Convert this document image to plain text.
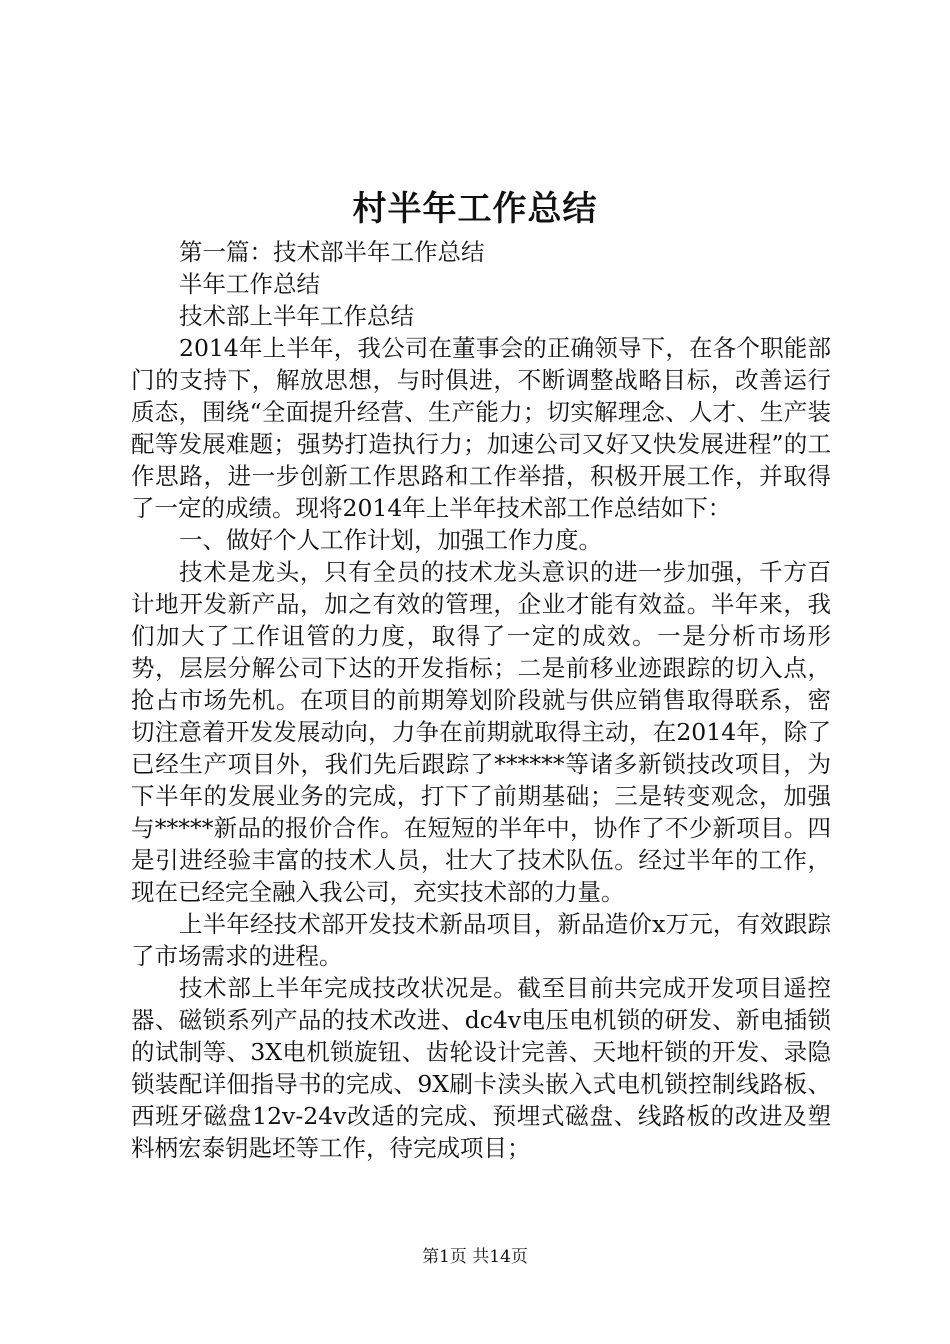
村半年工作总结

第一篇：技术部半年工作总结

半年工作总结

技术部上半年工作总结

2014年上半年，我公司在董事会的正确领导下，在各个职能部门的支持下，解放思想，与时俱进，不断调整战略目标，改善运行质态，围绕“全面提升经营、生产能力；切实解理念、人才、生产装配等发展难题；强势打造执行力；加速公司又好又快发展进程”的工作思路，进一步创新工作思路和工作举措，积极开展工作，并取得了一定的成绩。现将2014年上半年技术部工作总结如下：

一、做好个人工作计划，加强工作力度。

技术是龙头，只有全员的技术龙头意识的进一步加强，千方百计地开发新产品，加之有效的管理，企业才能有效益。半年来，我们加大了工作诅管的力度，取得了一定的成效。一是分析市场形势，层层分解公司下达的开发指标；二是前移业迹跟踪的切入点，抢占市场先机。在项目的前期筹划阶段就与供应销售取得联系，密切注意着开发发展动向，力争在前期就取得主动，在2014年，除了已经生产项目外，我们先后跟踪了******等诸多新锁技改项目，为下半年的发展业务的完成，打下了前期基础；三是转变观念，加强与*****新品的报价合作。在短短的半年中，协作了不少新项目。四是引进经验丰富的技术人员，壮大了技术队伍。经过半年的工作，现在已经完全融入我公司，充实技术部的力量。

上半年经技术部开发技术新品项目，新品造价x万元，有效跟踪了市场需求的进程。

技术部上半年完成技改状况是。截至目前共完成开发项目遥控器、磁锁系列产品的技术改进、dc4v电压电机锁的研发、新电插锁的试制等、3X电机锁旋钮、齿轮设计完善、天地杆锁的开发、录隐锁装配详佃指导书的完成、9X刷卡渎头嵌入式电机锁控制线路板、西班牙磁盘12v-24v改适的完成、预埋式磁盘、线路板的改进及塑料柄宏泰钥匙坯等工作，待完成项目；

第1页 共14页
